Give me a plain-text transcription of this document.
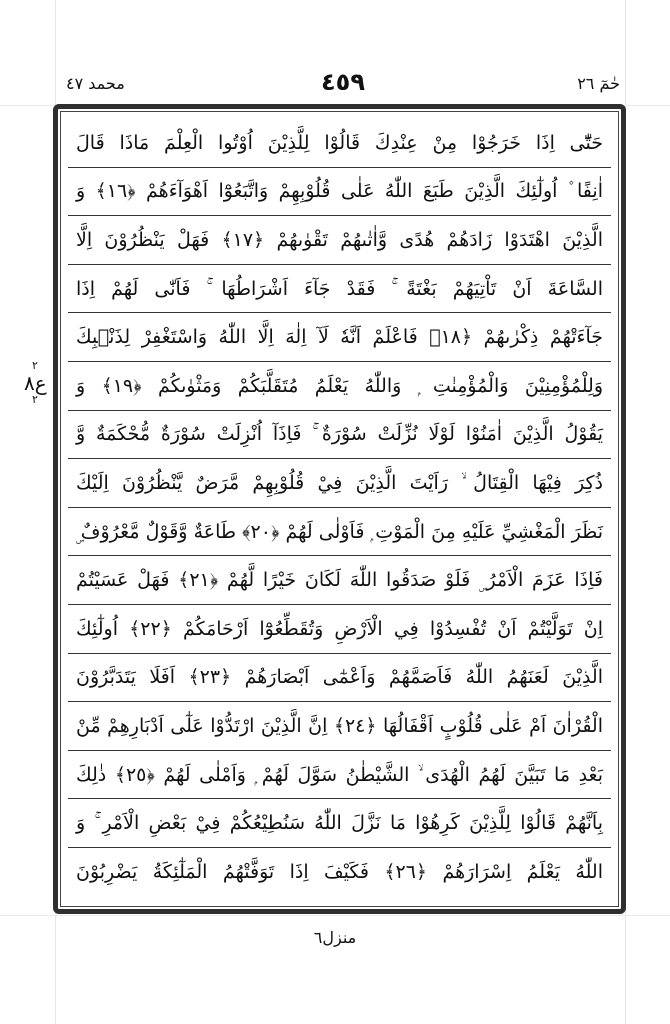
حٰمٓ ٢٦
٤٥٩
محمد ٤٧
٢
ع٨
٢
حَتّٰٓى اِذَا خَرَجُوْا مِنْ عِنْدِكَ قَالُوْا لِلَّذِيْنَ اُوْتُوا الْعِلْمَ مَاذَا قَالَ
اٰنِفًا ۫ اُولٰٓئِكَ الَّذِيْنَ طَبَعَ اللّٰهُ عَلٰى قُلُوْبِهِمْ وَاتَّبَعُوْٓا اَهْوَآءَهُمْ ﴿١٦﴾ وَ
الَّذِيْنَ اهْتَدَوْا زَادَهُمْ هُدًى وَّاٰتٰىهُمْ تَقْوٰىهُمْ ﴿١٧﴾ فَهَلْ يَنْظُرُوْنَ اِلَّا
السَّاعَةَ اَنْ تَاْتِيَهُمْ بَغْتَةً ۚ فَقَدْ جَآءَ اَشْرَاطُهَا ۚ فَاَنّٰى لَهُمْ اِذَا
جَآءَتْهُمْ ذِكْرٰىهُمْ ﴿١٨﴾ فَاعْلَمْ اَنَّهٗ لَآ اِلٰهَ اِلَّا اللّٰهُ وَاسْتَغْفِرْ لِذَنْۢبِكَ
وَلِلْمُؤْمِنِيْنَ وَالْمُؤْمِنٰتِ ۭ وَاللّٰهُ يَعْلَمُ مُتَقَلَّبَكُمْ وَمَثْوٰىكُمْ ﴿١٩﴾ وَ
يَقُوْلُ الَّذِيْنَ اٰمَنُوْا لَوْلَا نُزِّلَتْ سُوْرَةٌ ۚ فَاِذَآ اُنْزِلَتْ سُوْرَةٌ مُّحْكَمَةٌ وَّ
ذُكِرَ فِيْهَا الْقِتَالُ ۙ رَاَيْتَ الَّذِيْنَ فِيْ قُلُوْبِهِمْ مَّرَضٌ يَّنْظُرُوْنَ اِلَيْكَ
نَظَرَ الْمَغْشِيِّ عَلَيْهِ مِنَ الْمَوْتِ ۭ فَاَوْلٰى لَهُمْ ﴿٢٠﴾ طَاعَةٌ وَّقَوْلٌ مَّعْرُوْفٌ ۣ
فَاِذَا عَزَمَ الْاَمْرُ ۣ فَلَوْ صَدَقُوا اللّٰهَ لَكَانَ خَيْرًا لَّهُمْ ﴿٢١﴾ فَهَلْ عَسَيْتُمْ
اِنْ تَوَلَّيْتُمْ اَنْ تُفْسِدُوْا فِي الْاَرْضِ وَتُقَطِّعُوْٓا اَرْحَامَكُمْ ﴿٢٢﴾ اُولٰٓئِكَ
الَّذِيْنَ لَعَنَهُمُ اللّٰهُ فَاَصَمَّهُمْ وَاَعْمٰٓى اَبْصَارَهُمْ ﴿٢٣﴾ اَفَلَا يَتَدَبَّرُوْنَ
الْقُرْاٰنَ اَمْ عَلٰى قُلُوْبٍ اَقْفَالُهَا ﴿٢٤﴾ اِنَّ الَّذِيْنَ ارْتَدُّوْا عَلٰٓى اَدْبَارِهِمْ مِّنْ
بَعْدِ مَا تَبَيَّنَ لَهُمُ الْهُدَى ۙ الشَّيْطٰنُ سَوَّلَ لَهُمْ ۭ وَاَمْلٰى لَهُمْ ﴿٢٥﴾ ذٰلِكَ
بِاَنَّهُمْ قَالُوْا لِلَّذِيْنَ كَرِهُوْا مَا نَزَّلَ اللّٰهُ سَنُطِيْعُكُمْ فِيْ بَعْضِ الْاَمْرِ ۚ وَ
اللّٰهُ يَعْلَمُ اِسْرَارَهُمْ ﴿٢٦﴾ فَكَيْفَ اِذَا تَوَفَّتْهُمُ الْمَلٰٓئِكَةُ يَضْرِبُوْنَ
منزل٦
